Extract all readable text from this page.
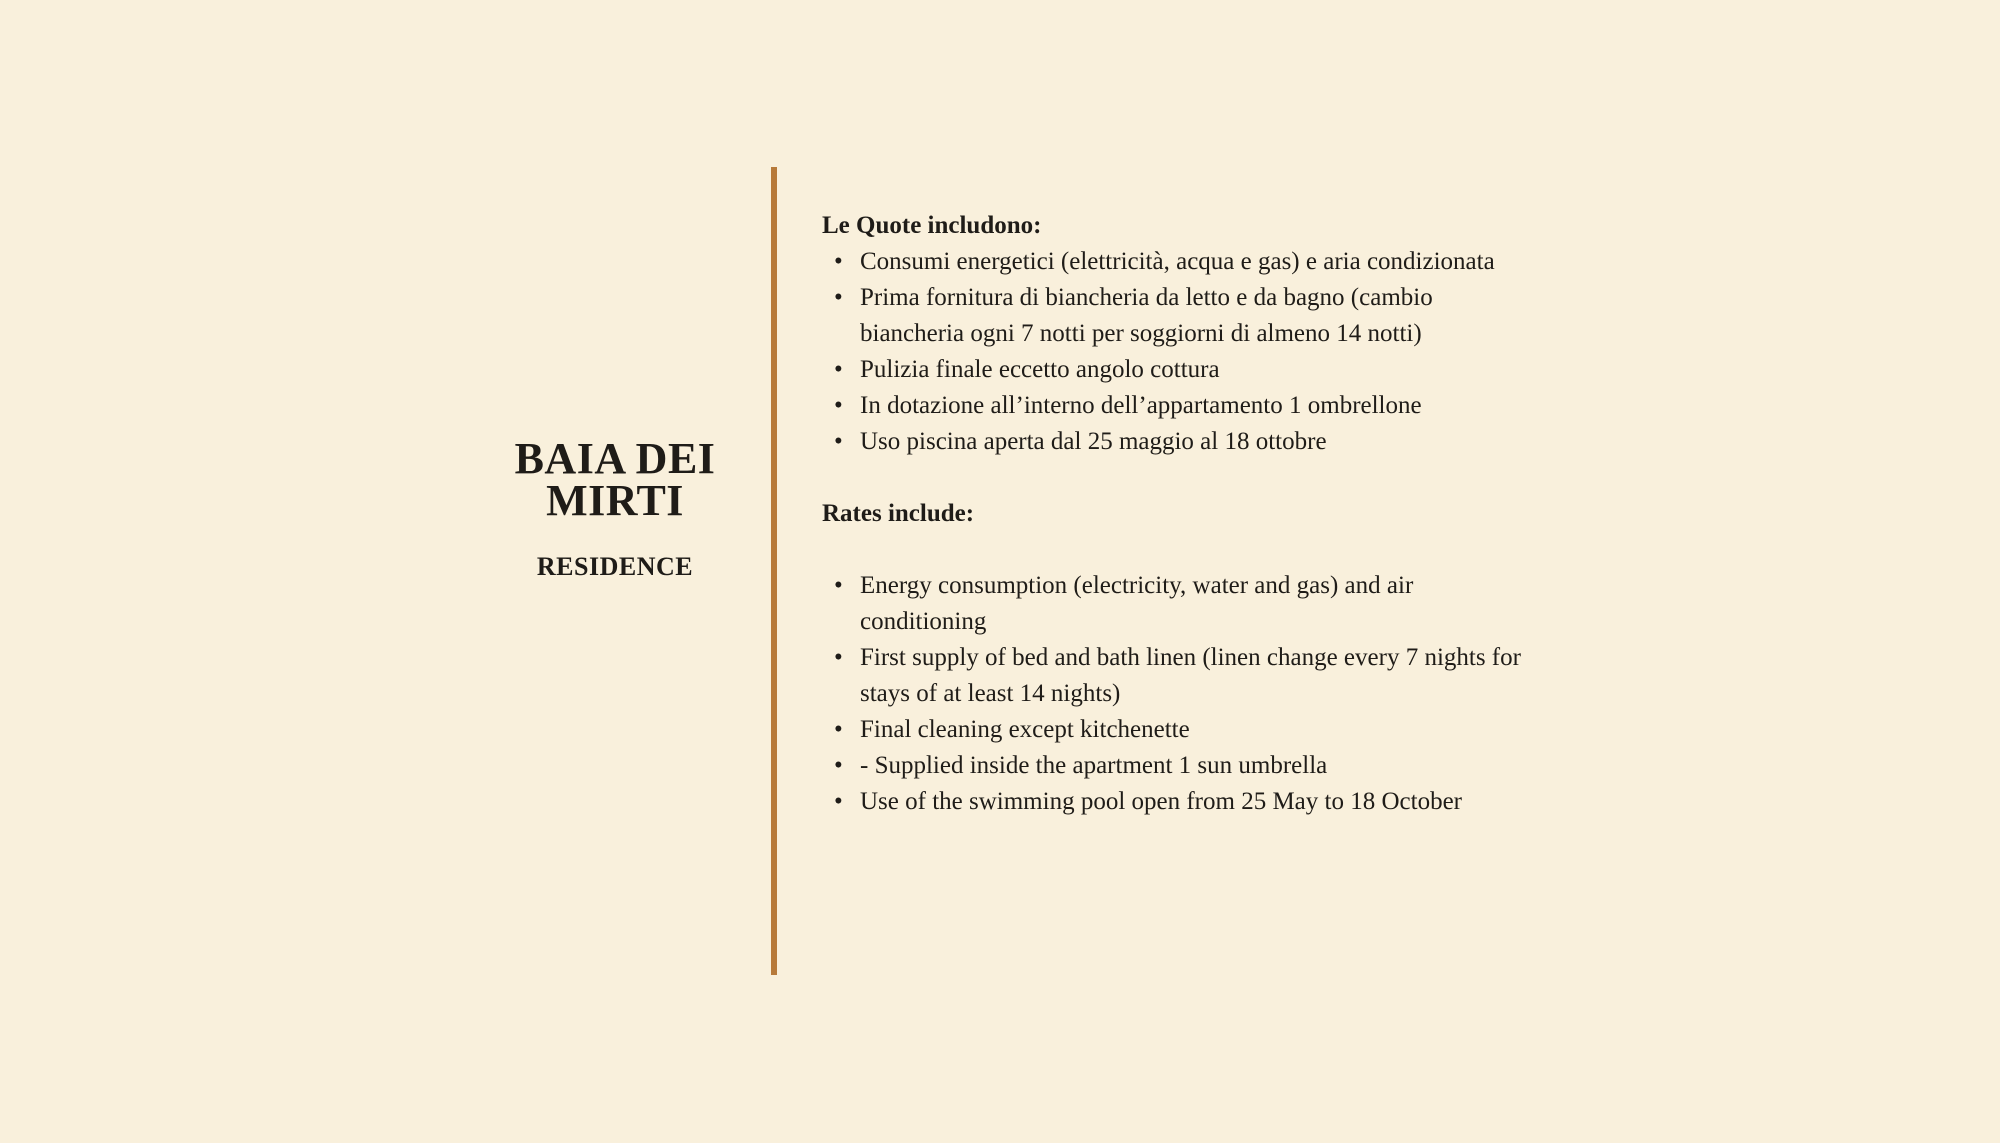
BAIA DEI MIRTI
RESIDENCE

Le Quote includono:

• Consumi energetici (elettricità, acqua e gas) e aria condizionata
• Prima fornitura di biancheria da letto e da bagno (cambio biancheria ogni 7 notti per soggiorni di almeno 14 notti)
• Pulizia finale eccetto angolo cottura
• In dotazione all’interno dell’appartamento 1 ombrellone
• Uso piscina aperta dal 25 maggio al 18 ottobre

Rates include:

• Energy consumption (electricity, water and gas) and air conditioning
• First supply of bed and bath linen (linen change every 7 nights for stays of at least 14 nights)
• Final cleaning except kitchenette
• - Supplied inside the apartment 1 sun umbrella
• Use of the swimming pool open from 25 May to 18 October
